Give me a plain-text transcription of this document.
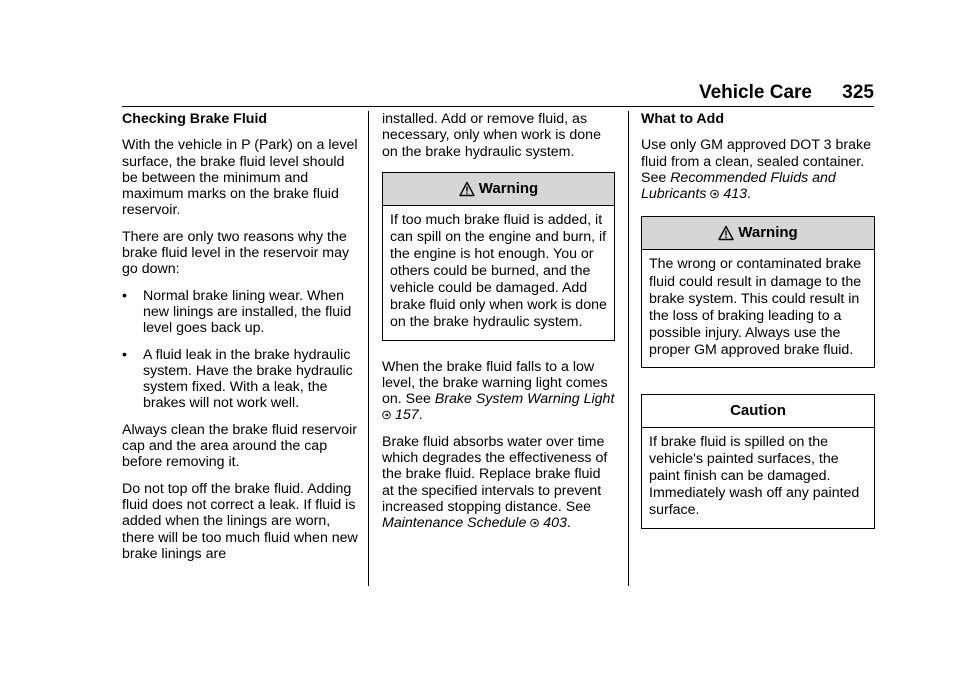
Vehicle Care 325

Checking Brake Fluid

With the vehicle in P (Park) on a level surface, the brake fluid level should be between the minimum and maximum marks on the brake fluid reservoir.

There are only two reasons why the brake fluid level in the reservoir may go down:

•	Normal brake lining wear. When new linings are installed, the fluid level goes back up.
•	A fluid leak in the brake hydraulic system. Have the brake hydraulic system fixed. With a leak, the brakes will not work well.

Always clean the brake fluid reservoir cap and the area around the cap before removing it.

Do not top off the brake fluid. Adding fluid does not correct a leak. If fluid is added when the linings are worn, there will be too much fluid when new brake linings are

installed. Add or remove fluid, as necessary, only when work is done on the brake hydraulic system.

Warning
If too much brake fluid is added, it can spill on the engine and burn, if the engine is hot enough. You or others could be burned, and the vehicle could be damaged. Add brake fluid only when work is done on the brake hydraulic system.

When the brake fluid falls to a low level, the brake warning light comes on. See Brake System Warning Light  157.

Brake fluid absorbs water over time which degrades the effectiveness of the brake fluid. Replace brake fluid at the specified intervals to prevent increased stopping distance. See Maintenance Schedule 403.

What to Add

Use only GM approved DOT 3 brake fluid from a clean, sealed container. See Recommended Fluids and Lubricants 413.

Warning
The wrong or contaminated brake fluid could result in damage to the brake system. This could result in the loss of braking leading to a possible injury. Always use the proper GM approved brake fluid.
Caution
If brake fluid is spilled on the vehicle's painted surfaces, the paint finish can be damaged. Immediately wash off any painted surface.
